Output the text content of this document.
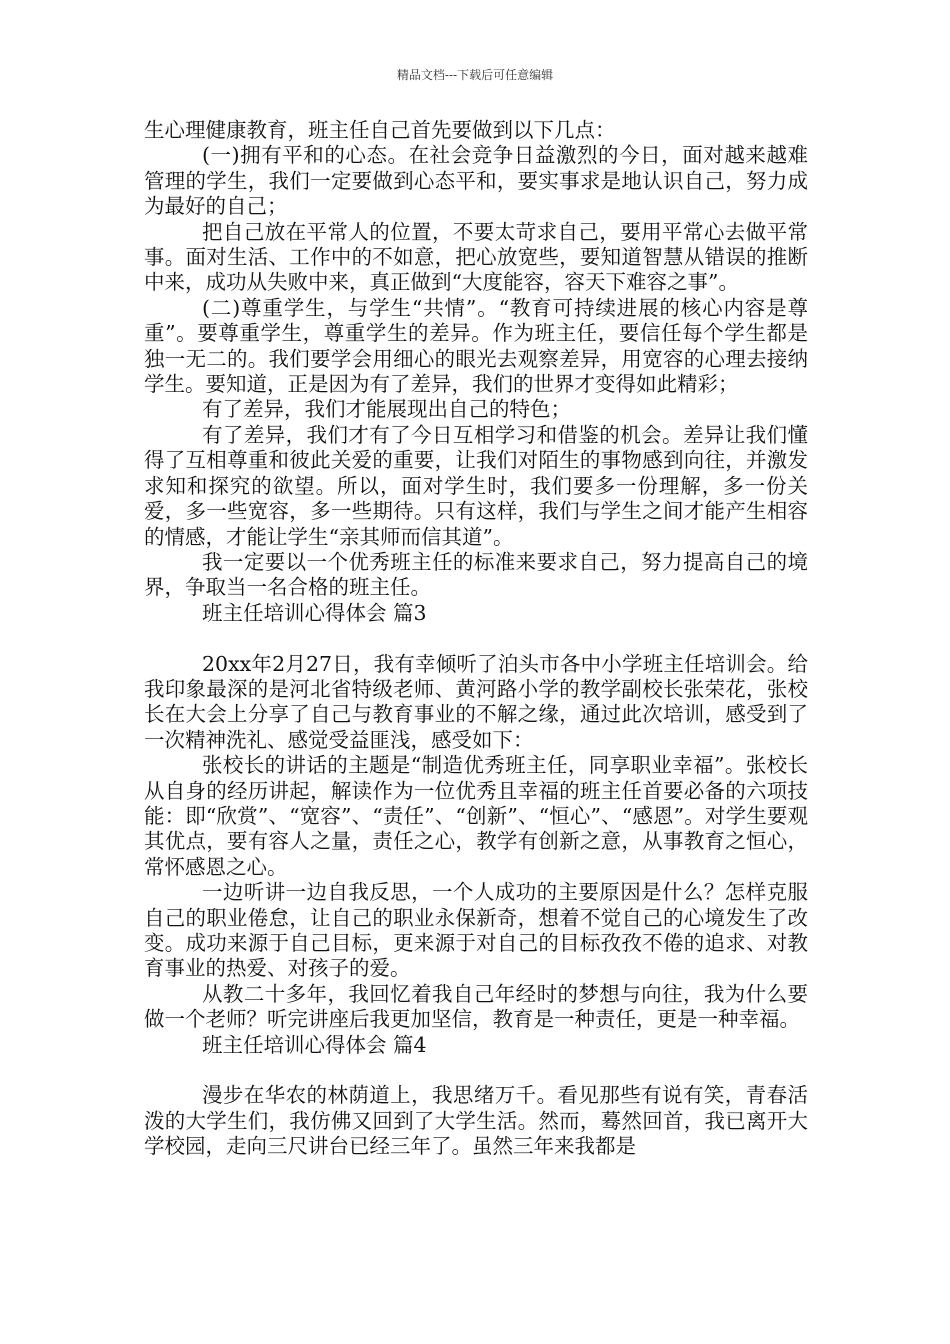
精品文档---下载后可任意编辑

生心理健康教育，班主任自己首先要做到以下几点：

(一)拥有平和的心态。在社会竞争日益激烈的今日，面对越来越难管理的学生，我们一定要做到心态平和，要实事求是地认识自己，努力成为最好的自己；

把自己放在平常人的位置，不要太苛求自己，要用平常心去做平常事。面对生活、工作中的不如意，把心放宽些，要知道智慧从错误的推断中来，成功从失败中来，真正做到“大度能容，容天下难容之事”。

(二)尊重学生，与学生“共情”。“教育可持续进展的核心内容是尊重”。要尊重学生，尊重学生的差异。作为班主任，要信任每个学生都是独一无二的。我们要学会用细心的眼光去观察差异，用宽容的心理去接纳学生。要知道，正是因为有了差异，我们的世界才变得如此精彩；

有了差异，我们才能展现出自己的特色；

有了差异，我们才有了今日互相学习和借鉴的机会。差异让我们懂得了互相尊重和彼此关爱的重要，让我们对陌生的事物感到向往，并激发求知和探究的欲望。所以，面对学生时，我们要多一份理解，多一份关爱，多一些宽容，多一些期待。只有这样，我们与学生之间才能产生相容的情感，才能让学生“亲其师而信其道”。

我一定要以一个优秀班主任的标准来要求自己，努力提高自己的境界，争取当一名合格的班主任。

班主任培训心得体会 篇3

20xx年2月27日，我有幸倾听了泊头市各中小学班主任培训会。给我印象最深的是河北省特级老师、黄河路小学的教学副校长张荣花，张校长在大会上分享了自己与教育事业的不解之缘，通过此次培训，感受到了一次精神洗礼、感觉受益匪浅，感受如下：

张校长的讲话的主题是“制造优秀班主任，同享职业幸福”。张校长从自身的经历讲起，解读作为一位优秀且幸福的班主任首要必备的六项技能：即“欣赏”、“宽容”、“责任”、“创新”、“恒心”、“感恩”。对学生要观其优点，要有容人之量，责任之心，教学有创新之意，从事教育之恒心，常怀感恩之心。

一边听讲一边自我反思，一个人成功的主要原因是什么？怎样克服自己的职业倦怠，让自己的职业永保新奇，想着不觉自己的心境发生了改变。成功来源于自己目标，更来源于对自己的目标孜孜不倦的追求、对教育事业的热爱、对孩子的爱。

从教二十多年，我回忆着我自己年经时的梦想与向往，我为什么要做一个老师？听完讲座后我更加坚信，教育是一种责任，更是一种幸福。

班主任培训心得体会 篇4

漫步在华农的林荫道上，我思绪万千。看见那些有说有笑，青春活泼的大学生们，我仿佛又回到了大学生活。然而，蓦然回首，我已离开大学校园，走向三尺讲台已经三年了。虽然三年来我都是
